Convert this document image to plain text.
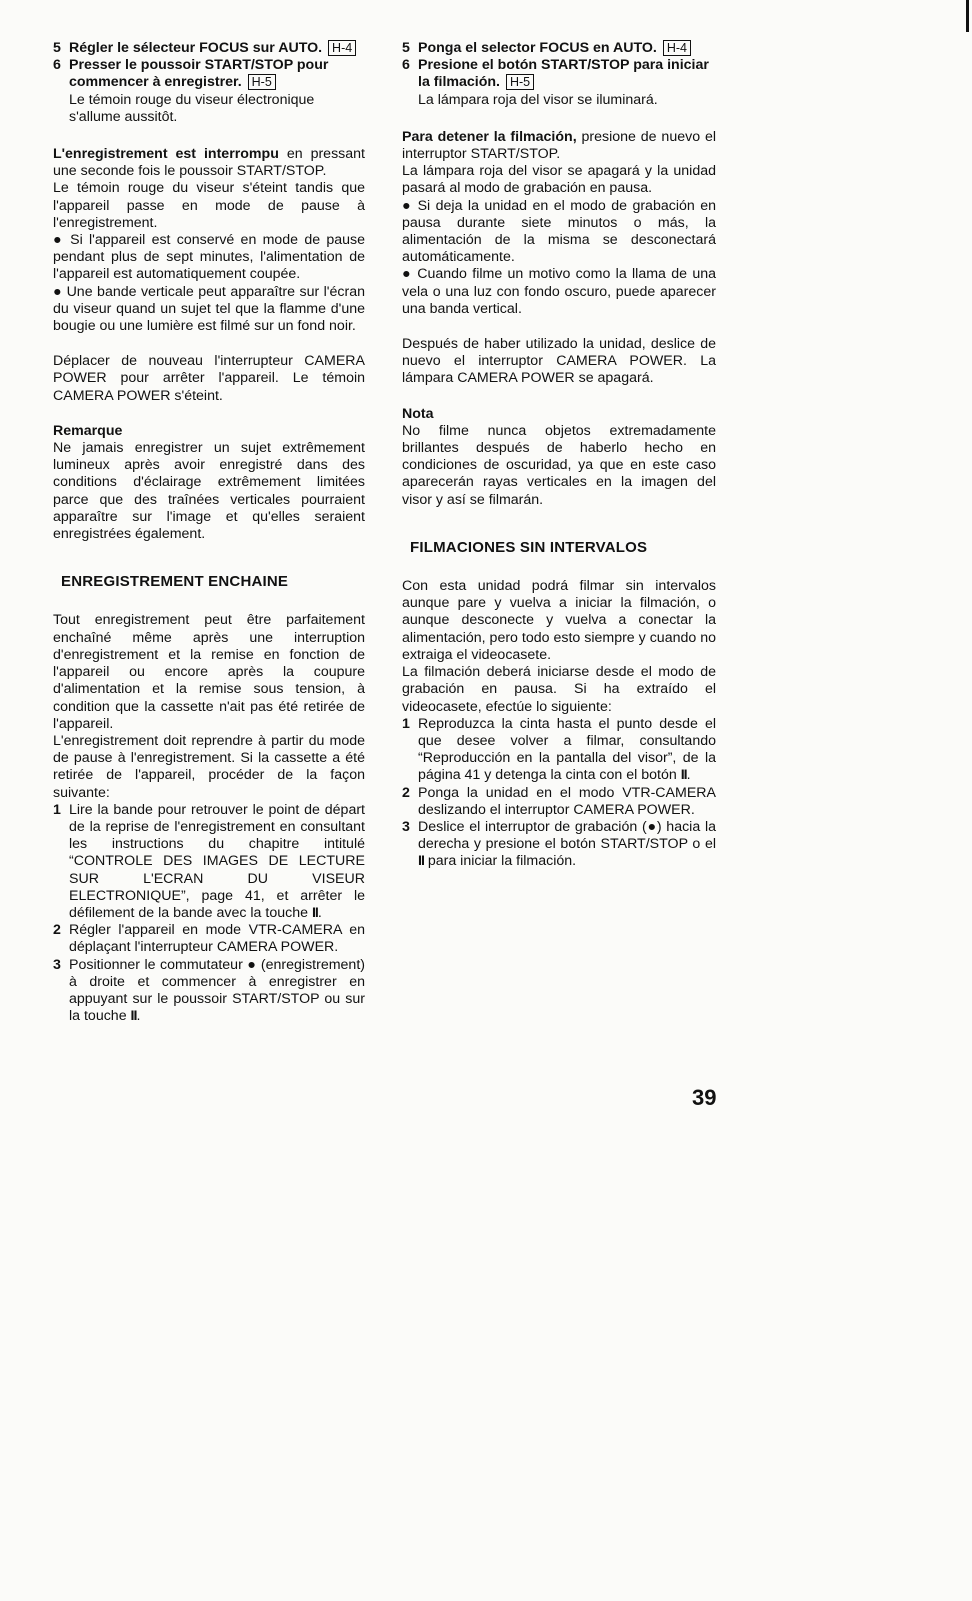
5 Régler le sélecteur FOCUS sur AUTO. H-4
6 Presser le poussoir START/STOP pour commencer à enregistrer. H-5
Le témoin rouge du viseur électronique s'allume aussitôt.
L'enregistrement est interrompu en pressant une seconde fois le poussoir START/STOP.
Le témoin rouge du viseur s'éteint tandis que l'appareil passe en mode de pause à l'enregistrement.
● Si l'appareil est conservé en mode de pause pendant plus de sept minutes, l'alimentation de l'appareil est automatiquement coupée.
● Une bande verticale peut apparaître sur l'écran du viseur quand un sujet tel que la flamme d'une bougie ou une lumière est filmé sur un fond noir.
Déplacer de nouveau l'interrupteur CAMERA POWER pour arrêter l'appareil. Le témoin CAMERA POWER s'éteint.
Remarque
Ne jamais enregistrer un sujet extrêmement lumineux après avoir enregistré dans des conditions d'éclairage extrêmement limitées parce que des traînées verticales pourraient apparaître sur l'image et qu'elles seraient enregistrées également.
ENREGISTREMENT ENCHAINE
Tout enregistrement peut être parfaitement enchaîné même après une interruption d'enregistrement et la remise en fonction de l'appareil ou encore après la coupure d'alimentation et la remise sous tension, à condition que la cassette n'ait pas été retirée de l'appareil.
L'enregistrement doit reprendre à partir du mode de pause à l'enregistrement. Si la cassette a été retirée de l'appareil, procéder de la façon suivante:
1 Lire la bande pour retrouver le point de départ de la reprise de l'enregistrement en consultant les instructions du chapitre intitulé “CONTROLE DES IMAGES DE LECTURE SUR L'ECRAN DU VISEUR ELECTRONIQUE”, page 41, et arrêter le défilement de la bande avec la touche II.
2 Régler l'appareil en mode VTR-CAMERA en déplaçant l'interrupteur CAMERA POWER.
3 Positionner le commutateur ● (enregistrement) à droite et commencer à enregistrer en appuyant sur le poussoir START/STOP ou sur la touche II.
5 Ponga el selector FOCUS en AUTO. H-4
6 Presione el botón START/STOP para iniciar la filmación. H-5
La lámpara roja del visor se iluminará.
Para detener la filmación, presione de nuevo el interruptor START/STOP.
La lámpara roja del visor se apagará y la unidad pasará al modo de grabación en pausa.
● Si deja la unidad en el modo de grabación en pausa durante siete minutos o más, la alimentación de la misma se desconectará automáticamente.
● Cuando filme un motivo como la llama de una vela o una luz con fondo oscuro, puede aparecer una banda vertical.
Después de haber utilizado la unidad, deslice de nuevo el interruptor CAMERA POWER. La lámpara CAMERA POWER se apagará.
Nota
No filme nunca objetos extremadamente brillantes después de haberlo hecho en condiciones de oscuridad, ya que en este caso aparecerán rayas verticales en la imagen del visor y así se filmarán.
FILMACIONES SIN INTERVALOS
Con esta unidad podrá filmar sin intervalos aunque pare y vuelva a iniciar la filmación, o aunque desconecte y vuelva a conectar la alimentación, pero todo esto siempre y cuando no extraiga el videocasete.
La filmación deberá iniciarse desde el modo de grabación en pausa. Si ha extraído el videocasete, efectúe lo siguiente:
1 Reproduzca la cinta hasta el punto desde el que desee volver a filmar, consultando “Reproducción en la pantalla del visor”, de la página 41 y detenga la cinta con el botón II.
2 Ponga la unidad en el modo VTR-CAMERA deslizando el interruptor CAMERA POWER.
3 Deslice el interruptor de grabación (●) hacia la derecha y presione el botón START/STOP o el II para iniciar la filmación.
39
